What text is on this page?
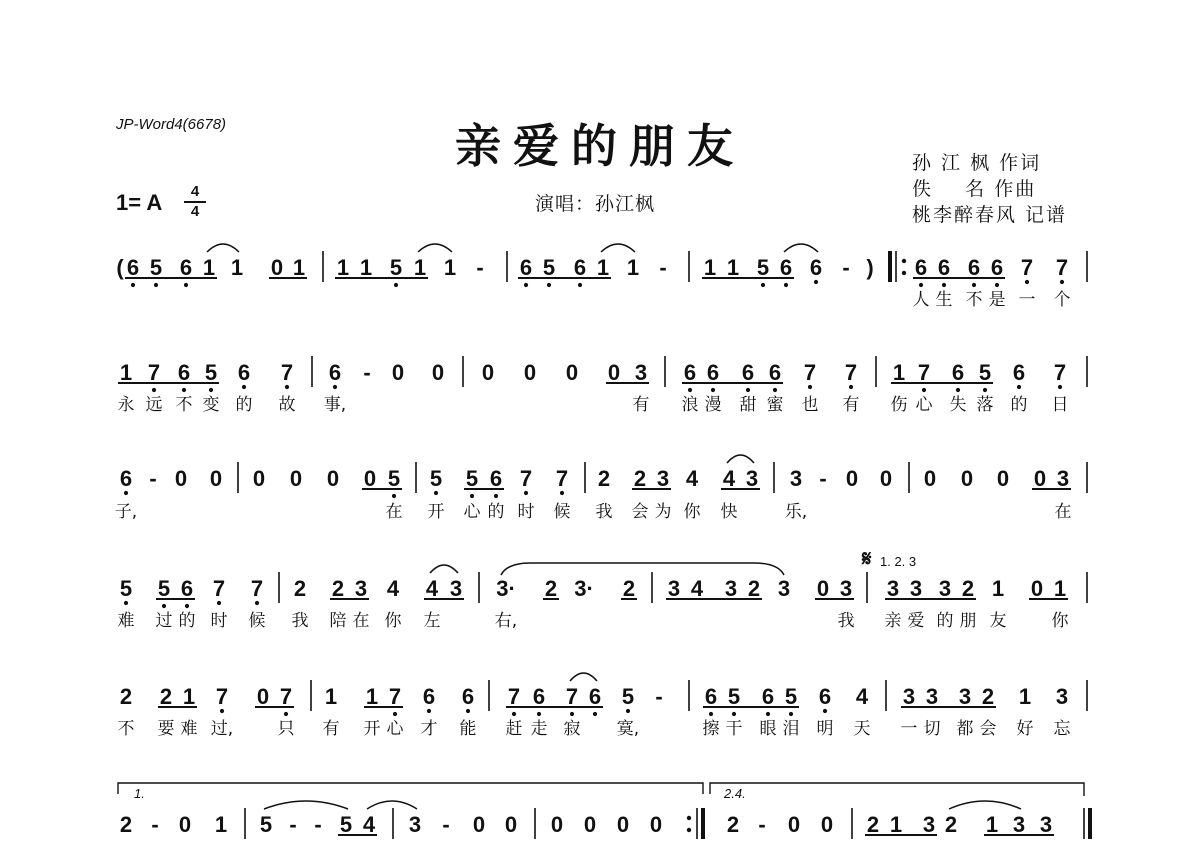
JP-Word4(6678)	亲爱的朋友	孙 江 枫 作词
佚    名 作曲
桃李醉春风 记谱
1= A	4
4	演唱：孙江枫
( 6 5 6 1 1 0 1 1 1 5 1 1 - 6 5 6 1 1 - 1 1 5 6 6 - ) 6 6 6 6 7 7
人 生 不 是 一 个
1 7 6 5 6 7 6 - 0 0 0 0 0 0 3 6 6 6 6 7 7 1 7 6 5 6 7
永 远 不 变 的 故 事,	有 浪 漫 甜 蜜 也 有 伤 心 失 落 的 日
6 - 0 0 0 0 0 0 5 5 5 6 7 7 2 2 3 4 4 3 3 - 0 0 0 0 0 0 3
子,	在 开 心 的 时 候 我 会 为 你 快	乐,	在
5 5 6 7 7 2 2 3 4 4 3 3· 2 3· 2 3 4 3 2 3 0 3 3 3 3 2 1 0 1
难 过 的 时 候 我 陪 在 你 左	右,	我 亲 爱 的 朋 友	你
2 2 1 7 0 7 1 1 7 6 6 7 6 7 6 5 - 6 5 6 5 6 4 3 3 3 2 1 3
不 要 难 过,	只 有 开 心 才 能 赶 走 寂 寞,	擦 干 眼 泪 明 天 一 切 都 会 好 忘
2 - 0 1 5 - - 5 4 3 - 0 0 0 0 0 0	2 - 0 0 2 1 3 2 1 3 3
𝄋 1. 2. 3
1.	2.4.
